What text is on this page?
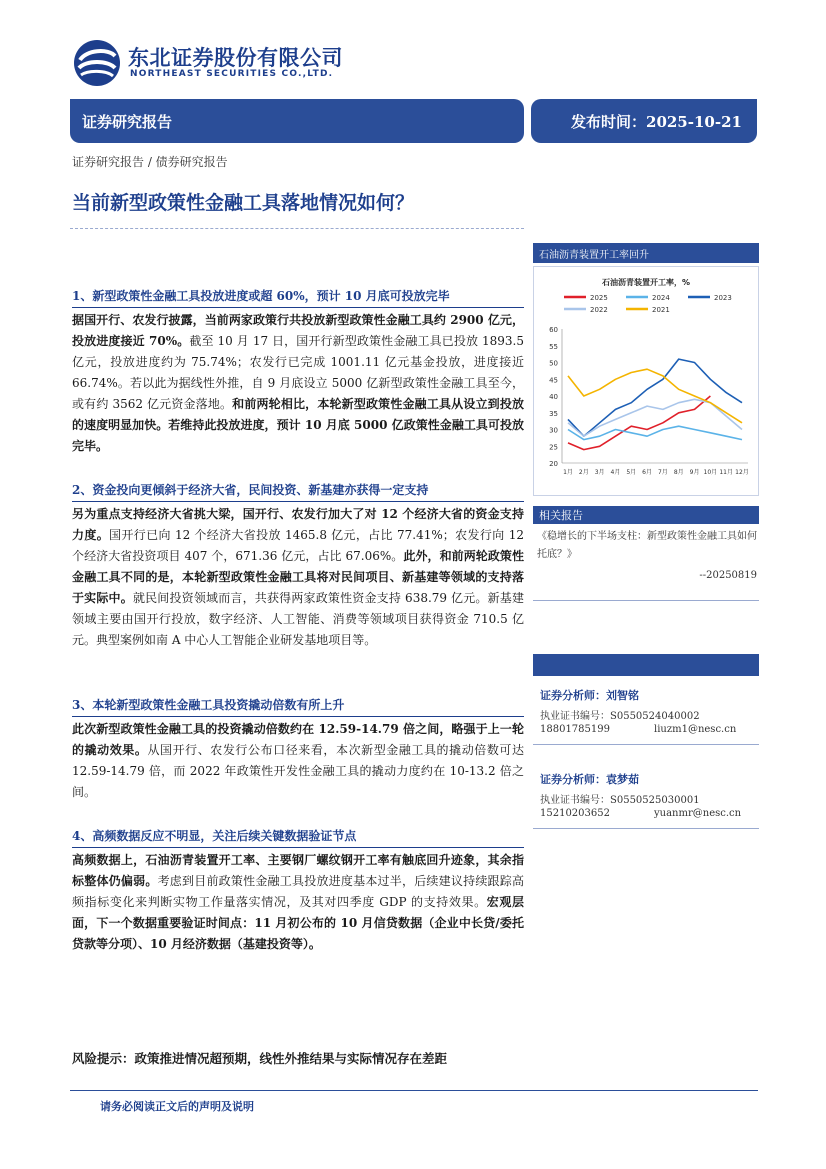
东北证券股份有限公司
NORTHEAST SECURITIES CO.,LTD.
证券研究报告	发布时间：2025-10-21
证券研究报告 / 债券研究报告
当前新型政策性金融工具落地情况如何？
1、新型政策性金融工具投放进度或超 60%，预计 10 月底可投放完毕

据国开行、农发行披露，当前两家政策行共投放新型政策性金融工具约 2900 亿元，投放进度接近 70%。截至 10 月 17 日，国开行新型政策性金融工具已投放 1893.5 亿元，投放进度约为 75.74%；农发行已完成 1001.11 亿元基金投放，进度接近 66.74%。若以此为据线性外推，自 9 月底设立 5000 亿新型政策性金融工具至今，或有约 3562 亿元资金落地。和前两轮相比，本轮新型政策性金融工具从设立到投放的速度明显加快。若维持此投放进度，预计 10 月底 5000 亿政策性金融工具可投放完毕。

2、资金投向更倾斜于经济大省，民间投资、新基建亦获得一定支持

另为重点支持经济大省挑大梁，国开行、农发行加大了对 12 个经济大省的资金支持力度。国开行已向 12 个经济大省投放 1465.8 亿元，占比 77.41%；农发行向 12 个经济大省投资项目 407 个，671.36 亿元，占比 67.06%。此外，和前两轮政策性金融工具不同的是，本轮新型政策性金融工具将对民间项目、新基建等领域的支持落于实际中。就民间投资领域而言，共获得两家政策性资金支持 638.79 亿元。新基建领域主要由国开行投放，数字经济、人工智能、消费等领域项目获得资金 710.5 亿元。典型案例如南 A 中心人工智能企业研发基地项目等。

3、本轮新型政策性金融工具投资撬动倍数有所上升

此次新型政策性金融工具的投资撬动倍数约在 12.59-14.79 倍之间，略强于上一轮的撬动效果。从国开行、农发行公布口径来看，本次新型金融工具的撬动倍数可达 12.59-14.79 倍，而 2022 年政策性开发性金融工具的撬动力度约在 10-13.2 倍之间。

4、高频数据反应不明显，关注后续关键数据验证节点

高频数据上，石油沥青装置开工率、主要钢厂螺纹钢开工率有触底回升迹象，其余指标整体仍偏弱。考虑到目前政策性金融工具投放进度基本过半，后续建议持续跟踪高频指标变化来判断实物工作量落实情况，及其对四季度 GDP 的支持效果。宏观层面，下一个数据重要验证时间点：11 月初公布的 10 月信贷数据（企业中长贷/委托贷款等分项）、10 月经济数据（基建投资等）。

风险提示：政策推进情况超预期，线性外推结果与实际情况存在差距
请务必阅读正文后的声明及说明
石油沥青装置开工率回升
石油沥青装置开工率，%
2025	2024	2023
2022	2021
20
25
30
35
40
45
50
55
60
1月 2月 3月 4月 5月 6月 7月 8月 9月 10月 11月 12月
相关报告
《稳增长的下半场支柱：新型政策性金融工具如何托底？》
--20250819
证券分析师：刘智铭
执业证书编号：S0550524040002
18801785199	liuzm1@nesc.cn
证券分析师：袁梦茹
执业证书编号：S0550525030001
15210203652	yuanmr@nesc.cn
